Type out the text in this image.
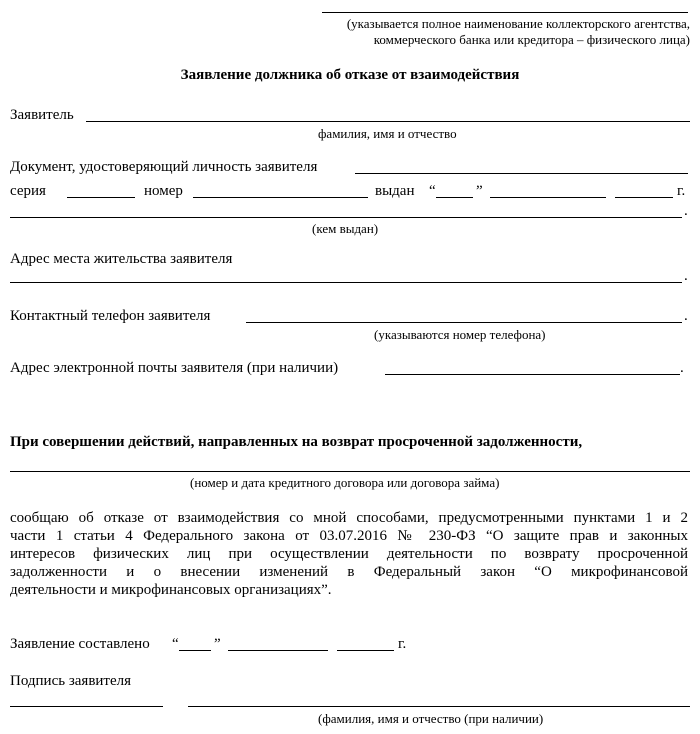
(указывается полное наименование коллекторского агентства,
коммерческого банка или кредитора – физического лица)
Заявление должника об отказе от взаимодействия
Заявитель
фамилия, имя и отчество
Документ, удостоверяющий личность заявителя
серия	номер	выдан “	”	г.
.
(кем выдан)
Адрес места жительства заявителя
.
Контактный телефон заявителя	.
(указываются номер телефона)
Адрес электронной почты заявителя (при наличии)	.
При совершении действий, направленных на возврат просроченной задолженности,
(номер и дата кредитного договора или договора займа)
сообщаю об отказе от взаимодействия со мной способами, предусмотренными пунктами 1 и 2
части 1 статьи 4 Федерального закона от 03.07.2016 № 230-ФЗ “О защите прав и законных
интересов физических лиц при осуществлении деятельности по возврату просроченной
задолженности и о внесении изменений в Федеральный закон “О микрофинансовой
деятельности и микрофинансовых организациях”.
Заявление составлено “ ”	г.
Подпись заявителя
(фамилия, имя и отчество (при наличии)
